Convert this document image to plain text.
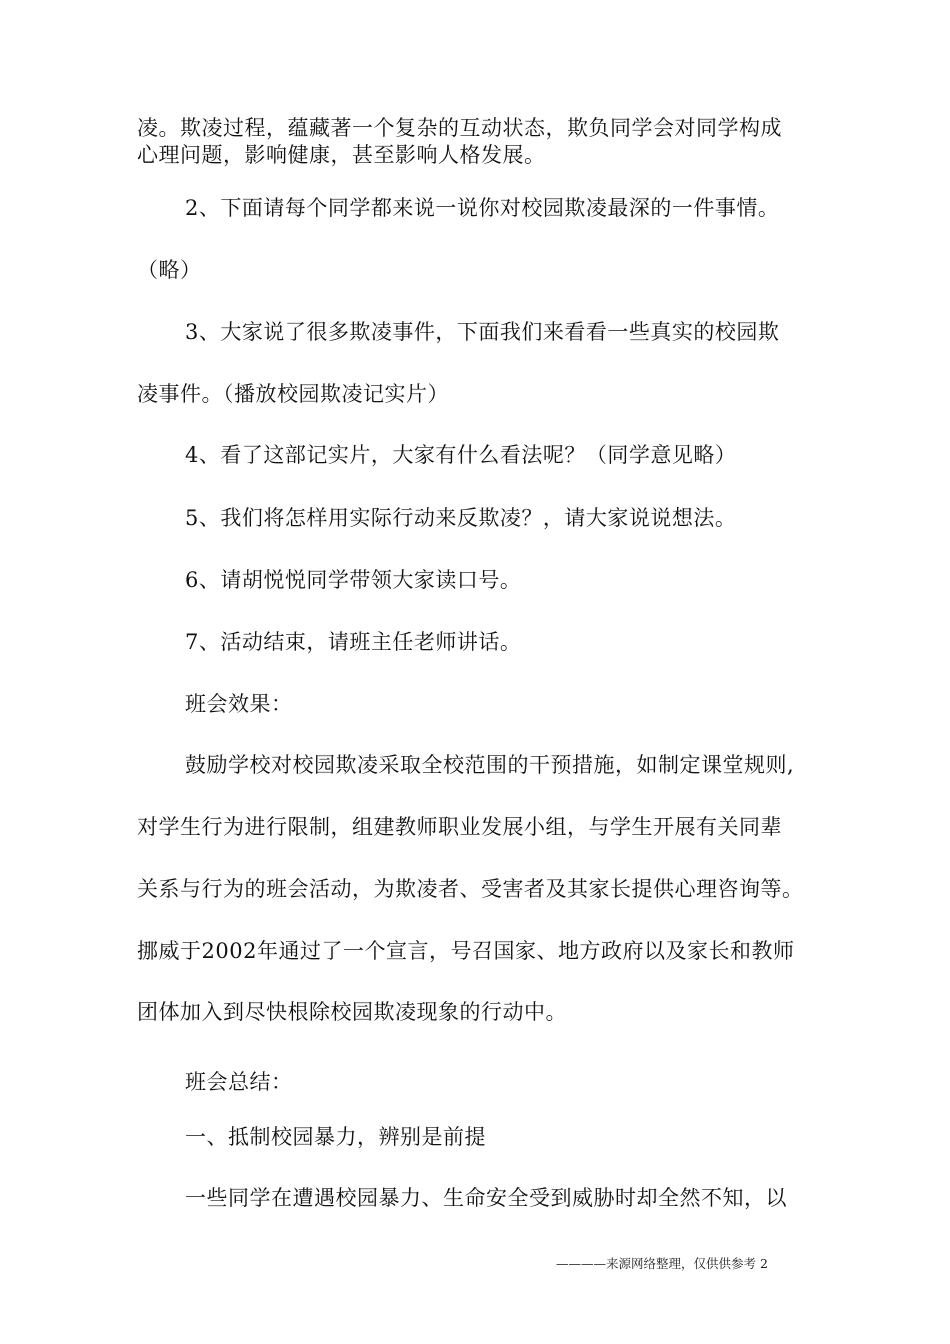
凌。欺凌过程，蕴藏著一个复杂的互动状态，欺负同学会对同学构成
心理问题，影响健康，甚至影响人格发展。
2、下面请每个同学都来说一说你对校园欺凌最深的一件事情。
（略）
3、大家说了很多欺凌事件，下面我们来看看一些真实的校园欺
凌事件。（播放校园欺凌记实片）
4、看了这部记实片，大家有什么看法呢？（同学意见略）
5、我们将怎样用实际行动来反欺凌？，请大家说说想法。
6、请胡悦悦同学带领大家读口号。
7、活动结束，请班主任老师讲话。
班会效果：
鼓励学校对校园欺凌采取全校范围的干预措施，如制定课堂规则,
对学生行为进行限制，组建教师职业发展小组，与学生开展有关同辈
关系与行为的班会活动，为欺凌者、受害者及其家长提供心理咨询等。
挪威于2002年通过了一个宣言，号召国家、地方政府以及家长和教师
团体加入到尽快根除校园欺凌现象的行动中。
班会总结：
一、抵制校园暴力，辨别是前提
一些同学在遭遇校园暴力、生命安全受到威胁时却全然不知，以
————来源网络整理，仅供供参考 2
